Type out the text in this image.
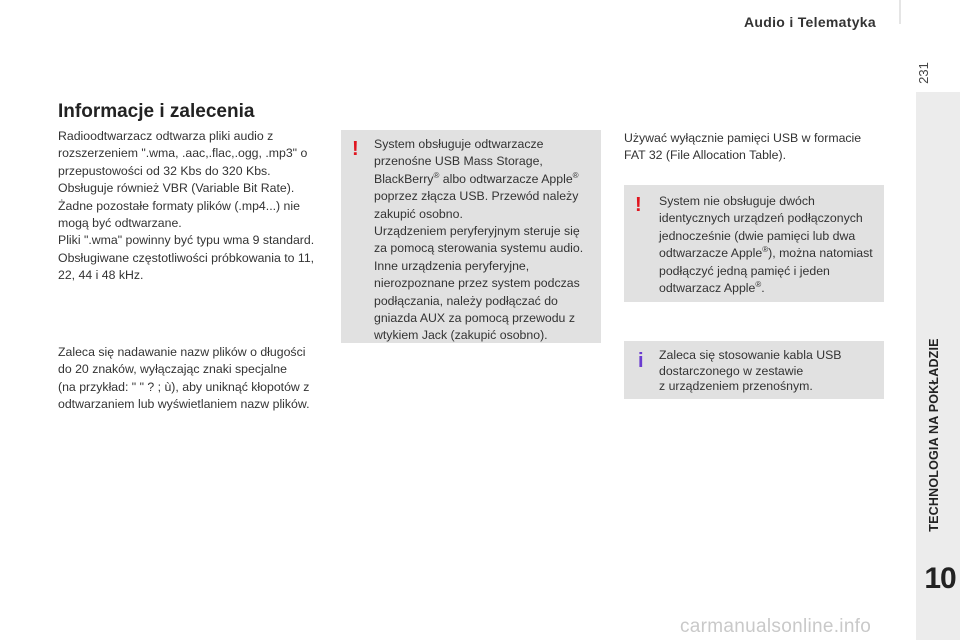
Audio i Telematyka
231
TECHNOLOGIA NA POKŁADZIE
10
Informacje i zalecenia

Radioodtwarzacz odtwarza pliki audio z

rozszerzeniem ".wma, .aac,.flac,.ogg, .mp3" o

przepustowości od 32 Kbs do 320 Kbs.

Obsługuje również VBR (Variable Bit Rate).

Żadne pozostałe formaty plików (.mp4...) nie

mogą być odtwarzane.

Pliki ".wma" powinny być typu wma 9 standard.

Obsługiwane częstotliwości próbkowania to 11,

22, 44 i 48 kHz.

Zaleca się nadawanie nazw plików o długości

do 20 znaków, wyłączając znaki specjalne

(na przykład: " " ? ; ù), aby uniknąć kłopotów z

odtwarzaniem lub wyświetlaniem nazw plików.

! System obsługuje odtwarzacze

przenośne USB Mass Storage,

BlackBerry® albo odtwarzacze Apple®

poprzez złącza USB. Przewód należy

zakupić osobno.

Urządzeniem peryferyjnym steruje się

za pomocą sterowania systemu audio.

Inne urządzenia peryferyjne,

nierozpoznane przez system podczas

podłączania, należy podłączać do

gniazda AUX za pomocą przewodu z

wtykiem Jack (zakupić osobno).

Używać wyłącznie pamięci USB w formacie

FAT 32 (File Allocation Table).

! System nie obsługuje dwóch

identycznych urządzeń podłączonych

jednocześnie (dwie pamięci lub dwa

odtwarzacze Apple®), można natomiast

podłączyć jedną pamięć i jeden

odtwarzacz Apple®.

i Zaleca się stosowanie kabla USB

dostarczonego w zestawie

z urządzeniem przenośnym.

carmanualsonline.info
